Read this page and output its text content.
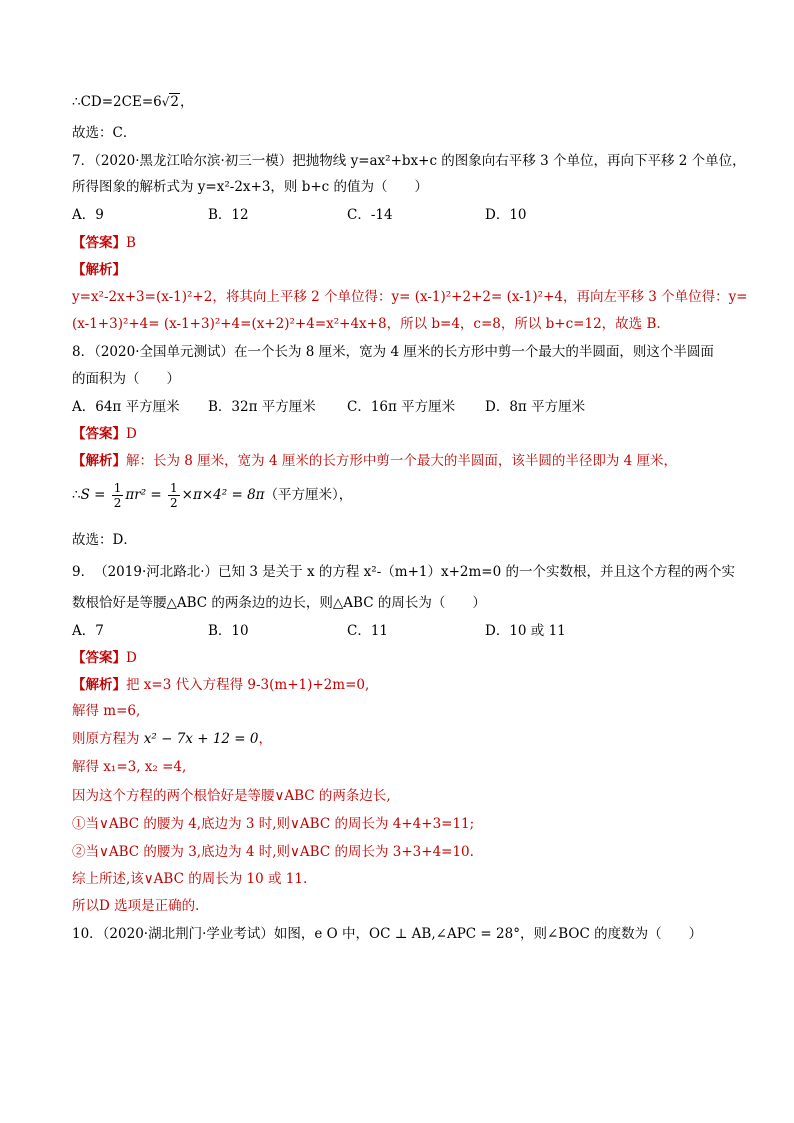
∴CD=2CE=6√2，
故选：C．
7．（2020·黑龙江哈尔滨·初三一模）把抛物线 y=ax²+bx+c 的图象向右平移 3 个单位，再向下平移 2 个单位，
所得图象的解析式为 y=x²-2x+3，则 b+c 的值为（　　）
A．9	B．12	C．-14	D．10
【答案】B
【解析】
y=x²-2x+3=(x-1)²+2，将其向上平移 2 个单位得：y= (x-1)²+2+2= (x-1)²+4，再向左平移 3 个单位得：y=
(x-1+3)²+4= (x-1+3)²+4=(x+2)²+4=x²+4x+8，所以 b=4，c=8，所以 b+c=12，故选 B.
8．（2020·全国单元测试）在一个长为 8 厘米，宽为 4 厘米的长方形中剪一个最大的半圆面，则这个半圆面
的面积为（　　）
A．64π 平方厘米 B．32π 平方厘米 C．16π 平方厘米 D．8π 平方厘米
【答案】D
【解析】解：长为 8 厘米，宽为 4 厘米的长方形中剪一个最大的半圆面，该半圆的半径即为 4 厘米，
∴S = $\frac{1}{2} \pi r^2 = \frac{1}{2} \times\pi\times 4^2 = 8\pi$（平方厘米），
故选：D．
9．　（2019·河北路北·）已知 3 是关于 x 的方程 x²-（m+1）x+2m=0 的一个实数根，并且这个方程的两个实
数根恰好是等腰△ABC 的两条边的边长，则△ABC 的周长为（　　）
A．7	B．10	C．11	D．10 或 11
【答案】D
【解析】把 x=3 代入方程得 9-3(m+1)+2m=0,
解得 m=6,
则原方程为 x² − 7x + 12 = 0，
解得 x₁=3, x₂ =4,
因为这个方程的两个根恰好是等腰∨ABC 的两条边长,
①当∨ABC 的腰为 4,底边为 3 时,则∨ABC 的周长为 4+4+3=11;
②当∨ABC 的腰为 3,底边为 4 时,则∨ABC 的周长为 3+3+4=10.
综上所述,该∨ABC 的周长为 10 或 11.
所以D 选项是正确的.
10．（2020·湖北荆门·学业考试）如图，e O 中，OC ⊥ AB,∠APC = 28°，则∠BOC 的度数为（　　）
